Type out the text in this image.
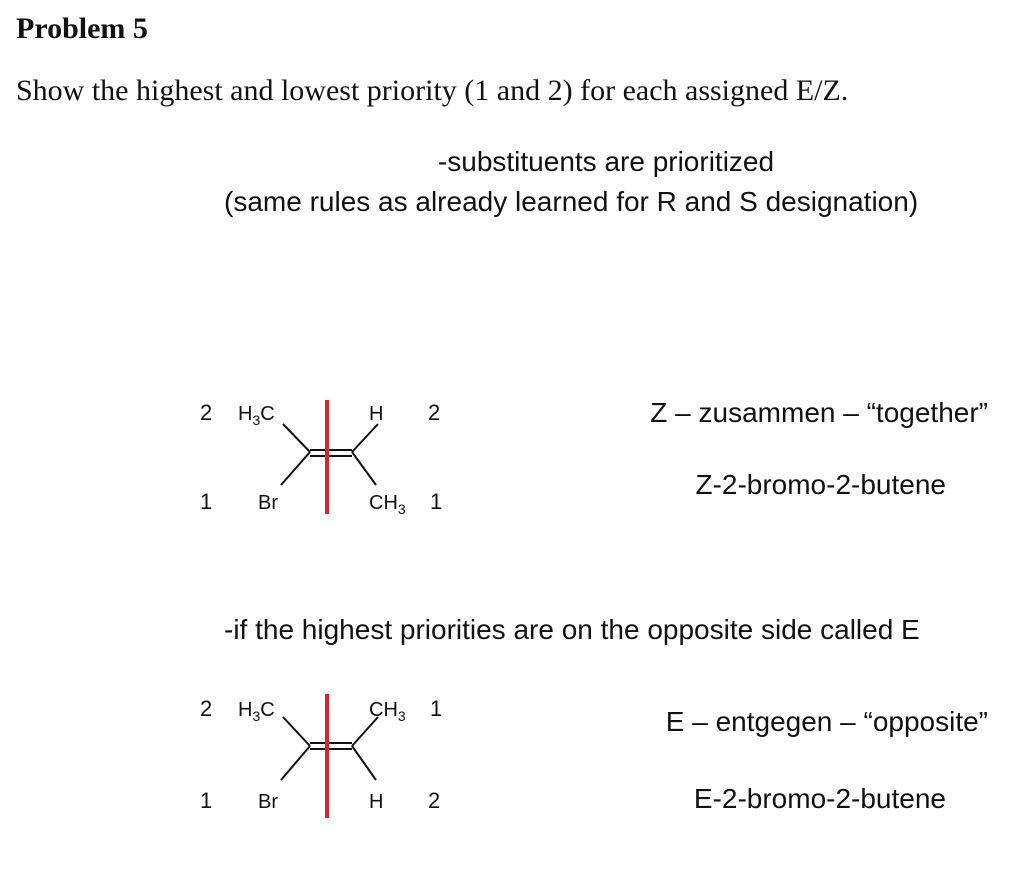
Problem 5
Show the highest and lowest priority (1 and 2) for each assigned E/Z.
-substituents are prioritized
(same rules as already learned for R and S designation)
2 $H_3C$	H 2
1 Br	$CH_3$ 1
Z – zusammen – “together”
Z-2-bromo-2-butene
-if the highest priorities are on the opposite side called E
2 $H_3C$	$CH_3$ 1
1 Br	H 2
E – entgegen – “opposite”
E-2-bromo-2-butene
